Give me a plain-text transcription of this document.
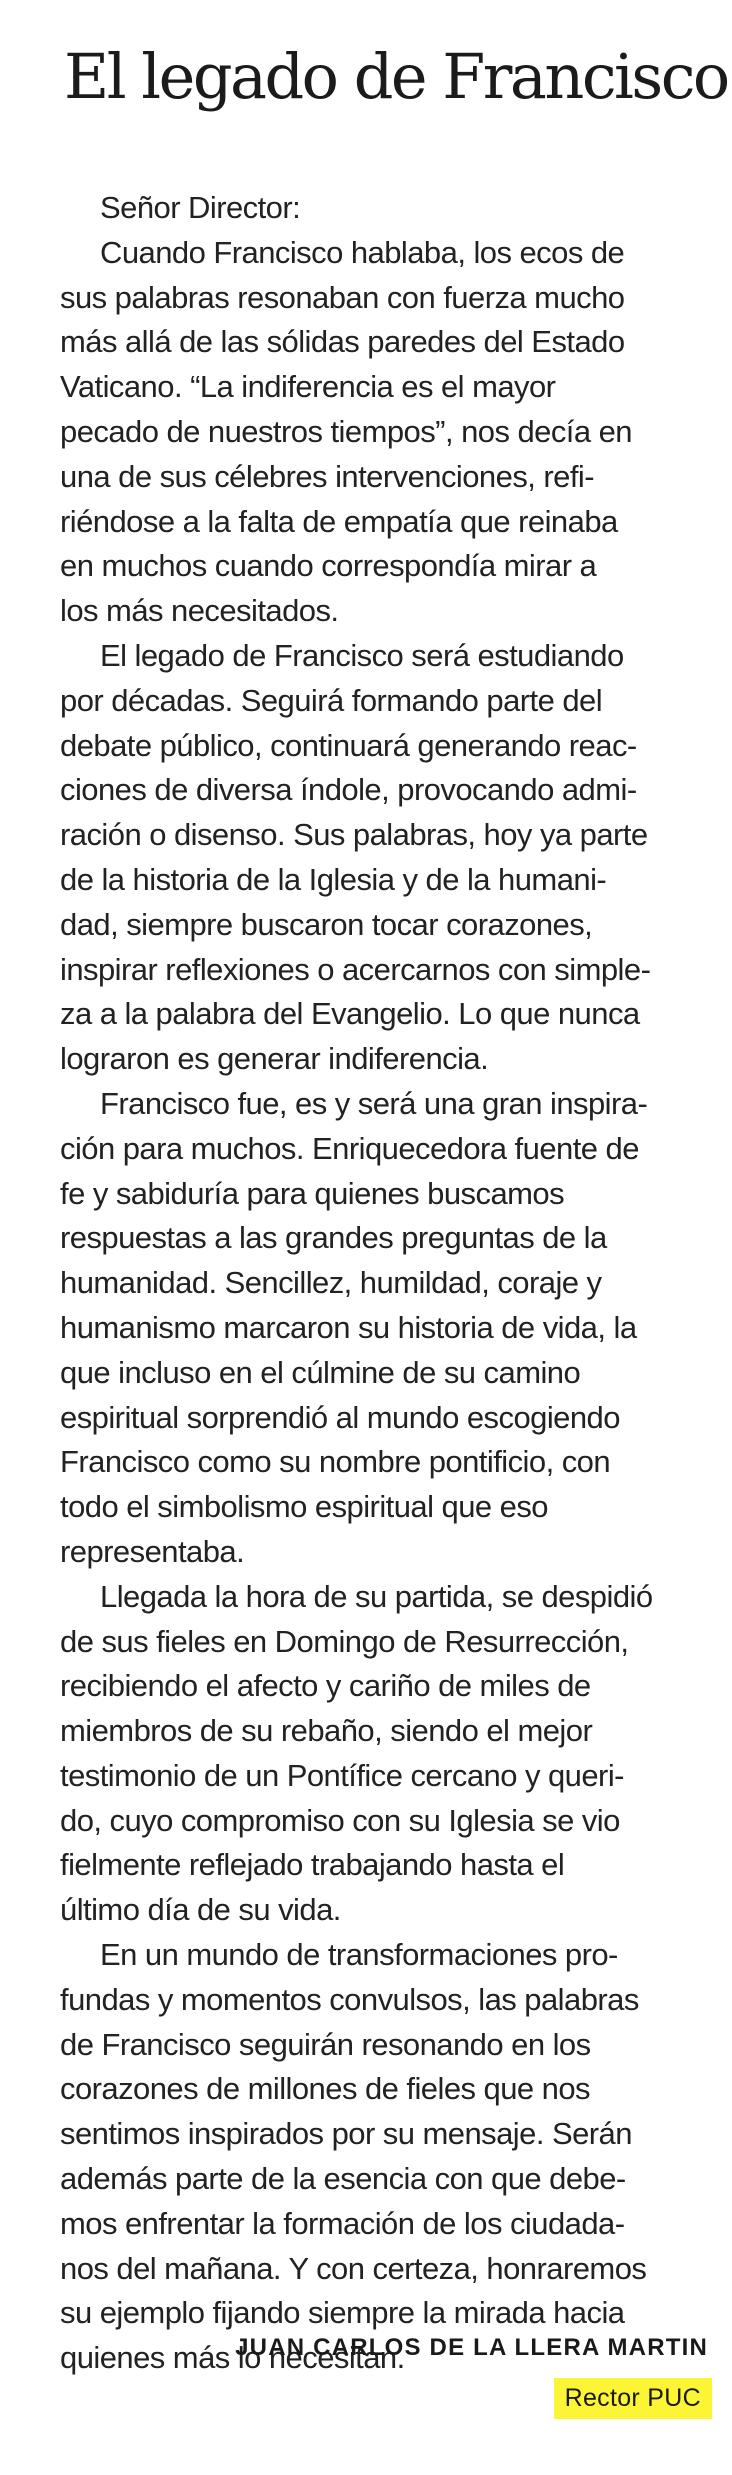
El legado de Francisco
Señor Director:

Cuando Francisco hablaba, los ecos de
sus palabras resonaban con fuerza mucho
más allá de las sólidas paredes del Estado
Vaticano. “La indiferencia es el mayor
pecado de nuestros tiempos”, nos decía en
una de sus célebres intervenciones, refi-
riéndose a la falta de empatía que reinaba
en muchos cuando correspondía mirar a
los más necesitados.

El legado de Francisco será estudiando
por décadas. Seguirá formando parte del
debate público, continuará generando reac-
ciones de diversa índole, provocando admi-
ración o disenso. Sus palabras, hoy ya parte
de la historia de la Iglesia y de la humani-
dad, siempre buscaron tocar corazones,
inspirar reflexiones o acercarnos con simple-
za a la palabra del Evangelio. Lo que nunca
lograron es generar indiferencia.

Francisco fue, es y será una gran inspira-
ción para muchos. Enriquecedora fuente de
fe y sabiduría para quienes buscamos
respuestas a las grandes preguntas de la
humanidad. Sencillez, humildad, coraje y
humanismo marcaron su historia de vida, la
que incluso en el cúlmine de su camino
espiritual sorprendió al mundo escogiendo
Francisco como su nombre pontificio, con
todo el simbolismo espiritual que eso
representaba.

Llegada la hora de su partida, se despidió
de sus fieles en Domingo de Resurrección,
recibiendo el afecto y cariño de miles de
miembros de su rebaño, siendo el mejor
testimonio de un Pontífice cercano y queri-
do, cuyo compromiso con su Iglesia se vio
fielmente reflejado trabajando hasta el
último día de su vida.

En un mundo de transformaciones pro-
fundas y momentos convulsos, las palabras
de Francisco seguirán resonando en los
corazones de millones de fieles que nos
sentimos inspirados por su mensaje. Serán
además parte de la esencia con que debe-
mos enfrentar la formación de los ciudada-
nos del mañana. Y con certeza, honraremos
su ejemplo fijando siempre la mirada hacia
quienes más lo necesitan.

JUAN CARLOS DE LA LLERA MARTIN
Rector PUC
